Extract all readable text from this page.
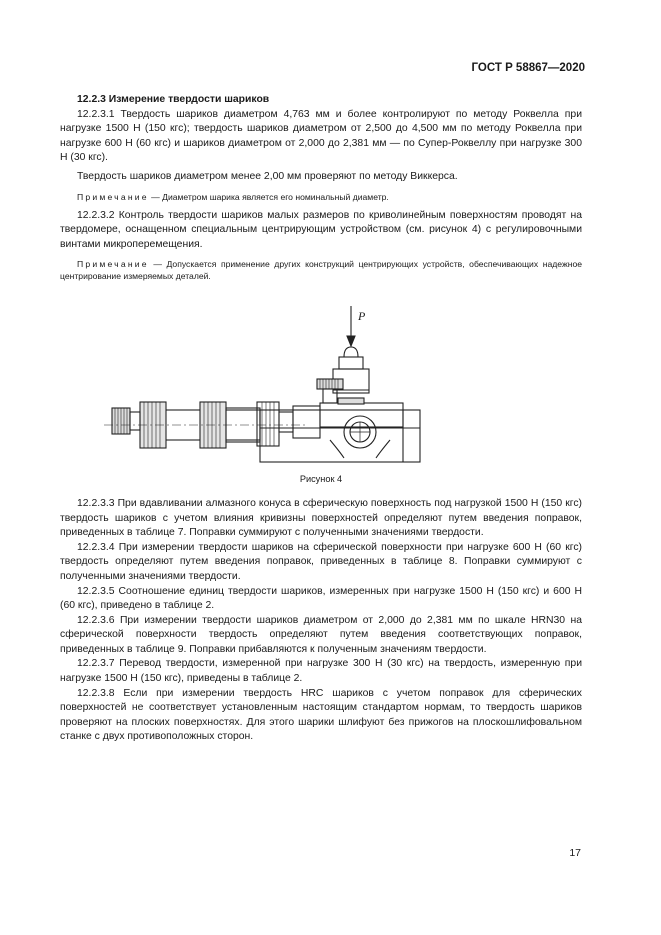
ГОСТ Р 58867—2020
12.2.3 Измерение твердости шариков

12.2.3.1 Твердость шариков диаметром 4,763 мм и более контролируют по методу Роквелла при нагрузке 1500 Н (150 кгс); твердость шариков диаметром от 2,500 до 4,500 мм по методу Роквелла при нагрузке 600 Н (60 кгс) и шариков диаметром от 2,000 до 2,381 мм — по Супер-Роквеллу при нагрузке 300 Н (30 кгс).

Твердость шариков диаметром менее 2,00 мм проверяют по методу Виккерса.

Примечание — Диаметром шарика является его номинальный диаметр.

12.2.3.2 Контроль твердости шариков малых размеров по криволинейным поверхностям проводят на твердомере, оснащенном специальным центрирующим устройством (см. рисунок 4) с регулировочными винтами микроперемещения.

Примечание — Допускается применение других конструкций центрирующих устройств, обеспечивающих надежное центрирование измеряемых деталей.

P
Рисунок 4

12.2.3.3 При вдавливании алмазного конуса в сферическую поверхность под нагрузкой 1500 Н (150 кгс) твердость шариков с учетом влияния кривизны поверхностей определяют путем введения поправок, приведенных в таблице 7. Поправки суммируют с полученными значениями твердости.

12.2.3.4 При измерении твердости шариков на сферической поверхности при нагрузке 600 Н (60 кгс) твердость определяют путем введения поправок, приведенных в таблице 8. Поправки суммируют с полученными значениями твердости.

12.2.3.5 Соотношение единиц твердости шариков, измеренных при нагрузке 1500 Н (150 кгс) и 600 Н (60 кгс), приведено в таблице 2.

12.2.3.6 При измерении твердости шариков диаметром от 2,000 до 2,381 мм по шкале HRN30 на сферической поверхности твердость определяют путем введения соответствующих поправок, приведенных в таблице 9. Поправки прибавляются к полученным значениям твердости.

12.2.3.7 Перевод твердости, измеренной при нагрузке 300 Н (30 кгс) на твердость, измеренную при нагрузке 1500 Н (150 кгс), приведены в таблице 2.

12.2.3.8 Если при измерении твердость HRC шариков с учетом поправок для сферических поверхностей не соответствует установленным настоящим стандартом нормам, то твердость шариков проверяют на плоских поверхностях. Для этого шарики шлифуют без прижогов на плоскошлифовальном станке с двух противоположных сторон.

17
